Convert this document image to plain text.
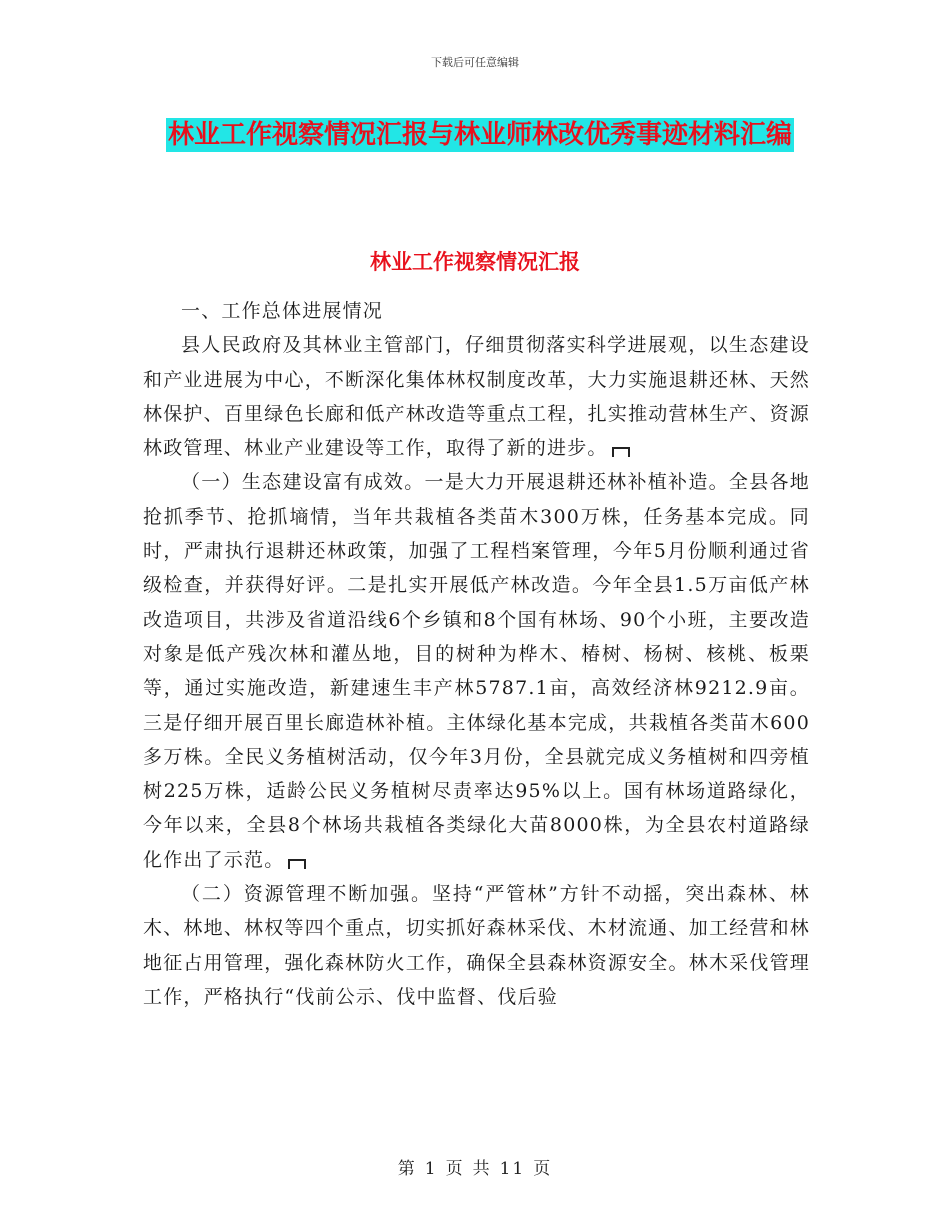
下载后可任意编辑
林业工作视察情况汇报与林业师林改优秀事迹材料汇编
林业工作视察情况汇报

一、工作总体进展情况

县人民政府及其林业主管部门，仔细贯彻落实科学进展观，以生态建设和产业进展为中心，不断深化集体林权制度改革，大力实施退耕还林、天然林保护、百里绿色长廊和低产林改造等重点工程，扎实推动营林生产、资源林政管理、林业产业建设等工作，取得了新的进步。

（一）生态建设富有成效。一是大力开展退耕还林补植补造。全县各地抢抓季节、抢抓墒情，当年共栽植各类苗木300万株，任务基本完成。同时，严肃执行退耕还林政策，加强了工程档案管理，今年5月份顺利通过省级检查，并获得好评。二是扎实开展低产林改造。今年全县1.5万亩低产林改造项目，共涉及省道沿线6个乡镇和8个国有林场、90个小班，主要改造对象是低产残次林和灌丛地，目的树种为桦木、椿树、杨树、核桃、板栗等，通过实施改造，新建速生丰产林5787.1亩，高效经济林9212.9亩。三是仔细开展百里长廊造林补植。主体绿化基本完成，共栽植各类苗木600多万株。全民义务植树活动，仅今年3月份，全县就完成义务植树和四旁植树225万株，适龄公民义务植树尽责率达95%以上。国有林场道路绿化，今年以来，全县8个林场共栽植各类绿化大苗8000株，为全县农村道路绿化作出了示范。

（二）资源管理不断加强。坚持“严管林”方针不动摇，突出森林、林木、林地、林权等四个重点，切实抓好森林采伐、木材流通、加工经营和林地征占用管理，强化森林防火工作，确保全县森林资源安全。林木采伐管理工作，严格执行“伐前公示、伐中监督、伐后验

第 1 页 共 11 页
